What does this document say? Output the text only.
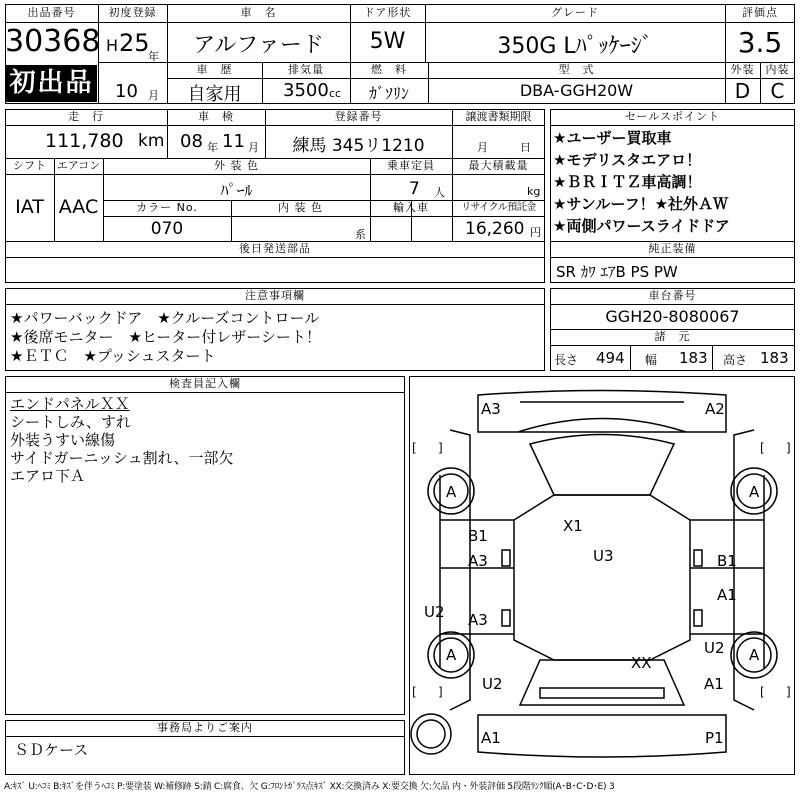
出品番号
30368
初出品
初度登録
H 25
年
10 月
車　名
アルファード
ドア形状
5W
グレード
350G Lﾊﾟｯｹｰｼﾞ
評価点
3.5
車　歴
自家用
排気量
3500 cc
燃　料
ｶﾞｿﾘﾝ
型　式
DBA-GGH20W
外装
D
内装
C
走　行
111,780 km
車　検
08 年 11 月
登録番号
練馬 345リ1210
譲渡書類期限
月	日
シフト
IAT
エアコン
AAC
外 装 色
ﾊﾟｰﾙ
乗車定員
7 人
最大積載量
kg
カラー No.
070
内 装 色
系
輸入車	リサイクル預託金
16,260 円
後日発送部品
セールスポイント
★ユーザー買取車
★モデリスタエアロ！
★ＢＲＩＴＺ車高調！
★サンルーフ！★社外ＡＷ
★両側パワースライドドア
純正装備
SR ｶﾜ ｴｱB PS PW
注意事項欄
★パワーバックドア　★クルーズコントロール
★後席モニター　★ヒーター付レザーシート！
★ＥＴＣ　★プッシュスタート
車台番号
GGH20-8080067
諸　元
長さ 494 幅 183 高さ 183
検査員記入欄
エンドパネルＸＸ
シートしみ、すれ
外装うすい線傷
サイドガーニッシュ割れ、一部欠
エアロ下Ａ
事務局よりご案内
ＳＤケース
[ ]	[ ]
[ ]	[ ]
A3	A2
A	A
B1
A3
X1
U3	B1
A1
U2 A3
A	XX
U2 A
U2	A1
A1	P1
A:ｷｽﾞ U:ﾍｺﾐ B:ｷｽﾞを伴うﾍｺﾐ P:要塗装 W:補修跡 S:錆 C:腐食、欠 G:ﾌﾛﾝﾄｶﾞﾗｽ点ｷｽﾞ XX:交換済み X:要交換 欠:欠品 内・外装評価 5段階ﾗﾝｸ順(A･B･C･D･E) 3
